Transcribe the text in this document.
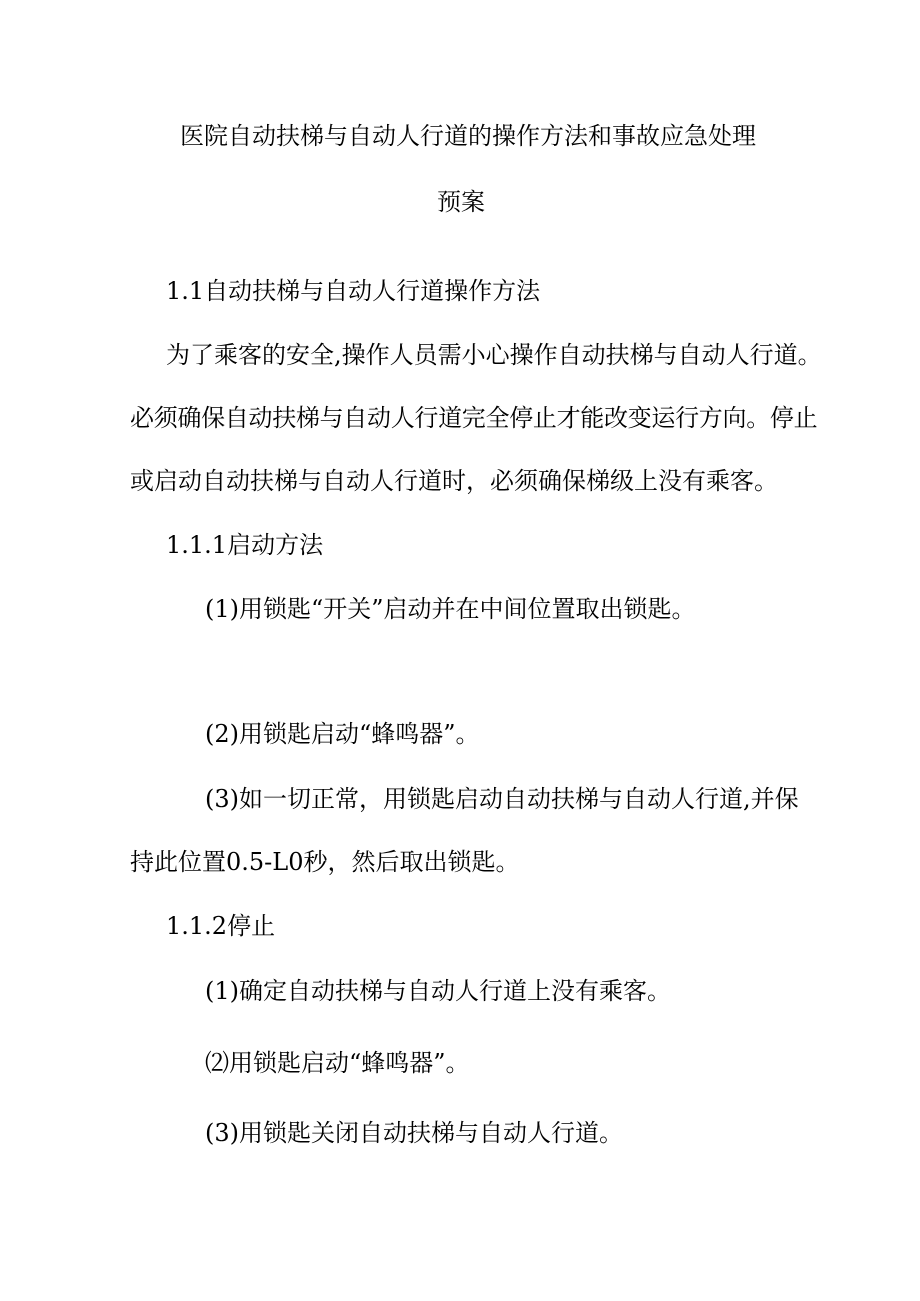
医院自动扶梯与自动人行道的操作方法和事故应急处理

预案

1.1自动扶梯与自动人行道操作方法

为了乘客的安全,操作人员需小心操作自动扶梯与自动人行道。

必须确保自动扶梯与自动人行道完全停止才能改变运行方向。停止

或启动自动扶梯与自动人行道时，必须确保梯级上没有乘客。

1.1.1启动方法

(1)用锁匙“开关”启动并在中间位置取出锁匙。

(2)用锁匙启动“蜂鸣器”。

(3)如一切正常，用锁匙启动自动扶梯与自动人行道,并保

持此位置0.5-L0秒，然后取出锁匙。

1.1.2停止

(1)确定自动扶梯与自动人行道上没有乘客。

⑵用锁匙启动“蜂鸣器”。

(3)用锁匙关闭自动扶梯与自动人行道。
